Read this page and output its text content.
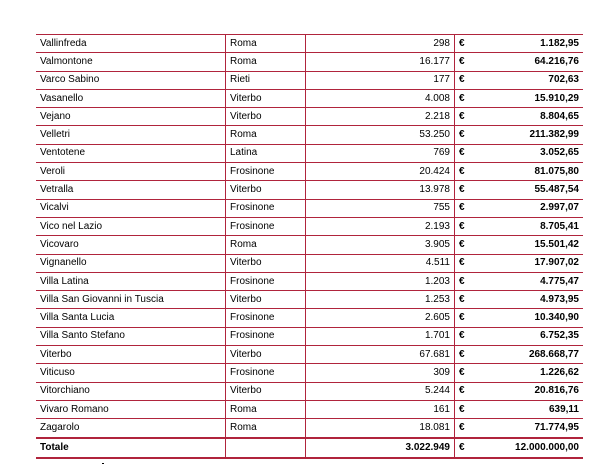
Vallinfreda	Roma	298	€	1.182,95
Valmontone	Roma	16.177	€	64.216,76
Varco Sabino	Rieti	177	€	702,63
Vasanello	Viterbo	4.008	€	15.910,29
Vejano	Viterbo	2.218	€	8.804,65
Velletri	Roma	53.250	€	211.382,99
Ventotene	Latina	769	€	3.052,65
Veroli	Frosinone	20.424	€	81.075,80
Vetralla	Viterbo	13.978	€	55.487,54
Vicalvi	Frosinone	755	€	2.997,07
Vico nel Lazio	Frosinone	2.193	€	8.705,41
Vicovaro	Roma	3.905	€	15.501,42
Vignanello	Viterbo	4.511	€	17.907,02
Villa Latina	Frosinone	1.203	€	4.775,47
Villa San Giovanni in Tuscia	Viterbo	1.253	€	4.973,95
Villa Santa Lucia	Frosinone	2.605	€	10.340,90
Villa Santo Stefano	Frosinone	1.701	€	6.752,35
Viterbo	Viterbo	67.681	€	268.668,77
Viticuso	Frosinone	309	€	1.226,62
Vitorchiano	Viterbo	5.244	€	20.816,76
Vivaro Romano	Roma	161	€	639,11
Zagarolo	Roma	18.081	€	71.774,95
Totale		3.022.949	€	12.000.000,00
